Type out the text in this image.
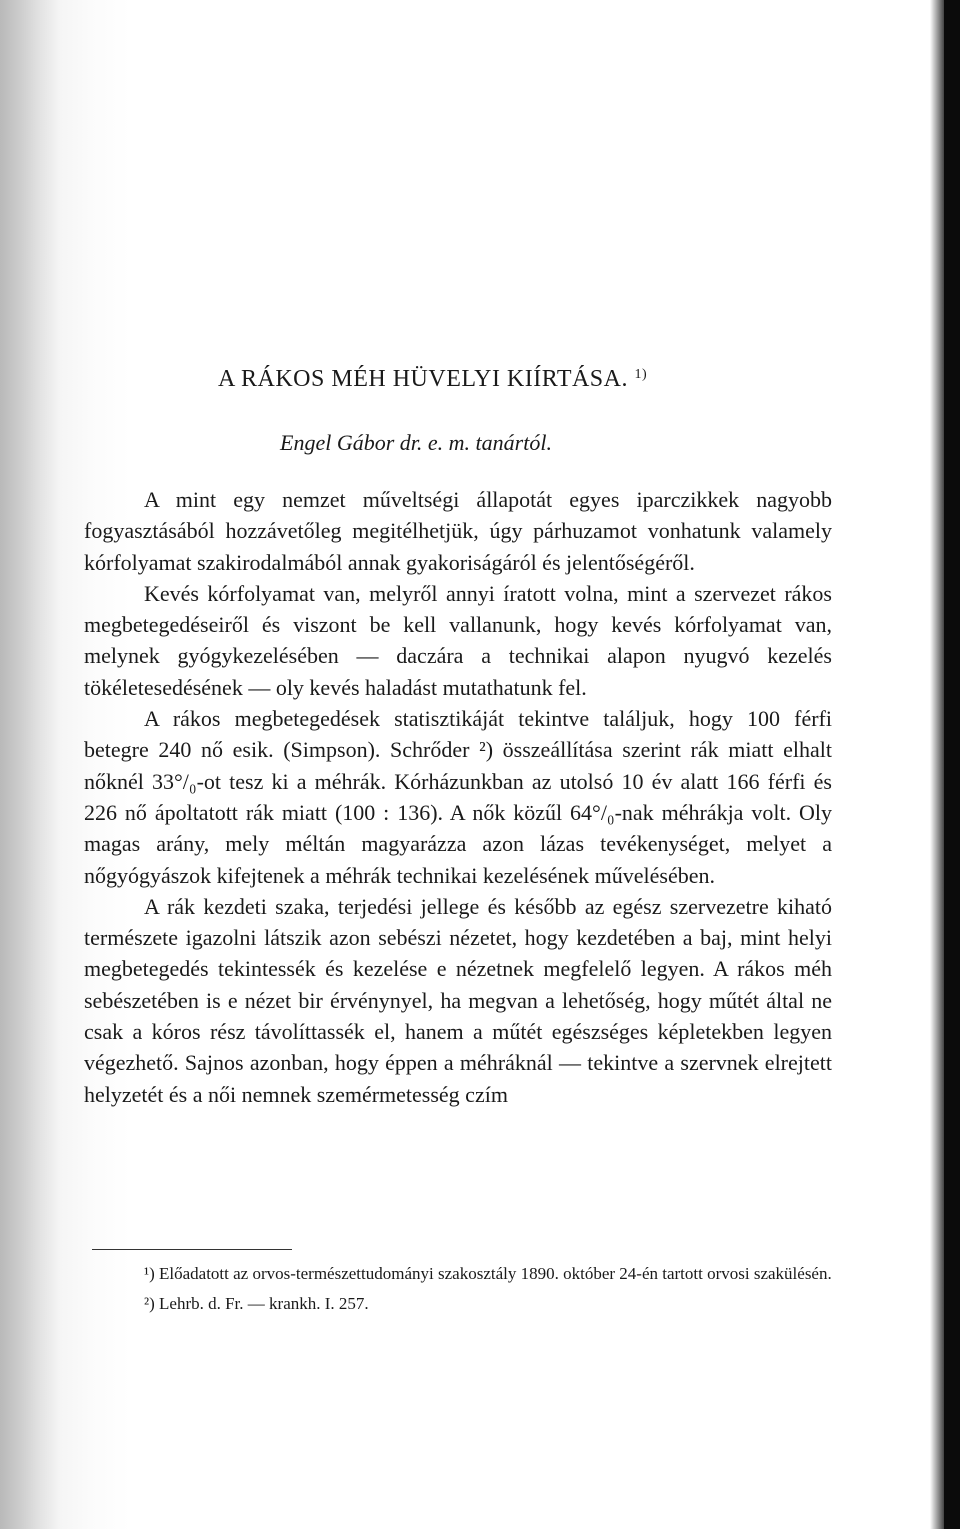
A RÁKOS MÉH HÜVELYI KIÍRTÁSA. $^{1)}$
Engel Gábor dr. e. m. tanártól.

A mint egy nemzet műveltségi állapotát egyes iparczikkek nagyobb fogyasztásából hozzávetőleg megitélhetjük, úgy párhuzamot vonhatunk valamely kórfolyamat szakirodalmából annak gyakoriságáról és jelentőségéről.

Kevés kórfolyamat van, melyről annyi íratott volna, mint a szervezet rákos megbetegedéseiről és viszont be kell vallanunk, hogy kevés kórfolyamat van, melynek gyógykezelésében — daczára a technikai alapon nyugvó kezelés tökéletesedésének — oly kevés haladást mutathatunk fel.

A rákos megbetegedések statisztikáját tekintve találjuk, hogy 100 férfi betegre 240 nő esik. (Simpson). Schrőder ²) összeállítása szerint rák miatt elhalt nőknél 33°/₀-ot tesz ki a méhrák. Kórházunkban az utolsó 10 év alatt 166 férfi és 226 nő ápoltatott rák miatt (100 : 136). A nők közűl 64°/₀-nak méhrákja volt. Oly magas arány, mely méltán magyarázza azon lázas tevékenységet, melyet a nőgyógyászok kifejtenek a méhrák technikai kezelésének művelésében.

A rák kezdeti szaka, terjedési jellege és később az egész szervezetre kiható természete igazolni látszik azon sebészi nézetet, hogy kezdetében a baj, mint helyi megbetegedés tekintessék és kezelése e nézetnek megfelelő legyen. A rákos méh sebészetében is e nézet bir érvénynyel, ha megvan a lehetőség, hogy műtét által ne csak a kóros rész távolíttassék el, hanem a műtét egészséges képletekben legyen végezhető. Sajnos azonban, hogy éppen a méhráknál — tekintve a szervnek elrejtett helyzetét és a női nemnek szemérmetesség czím

¹) Előadatott az orvos-természettudományi szakosztály 1890. október 24-én tartott orvosi szakülésén.

²) Lehrb. d. Fr. — krankh. I. 257.
